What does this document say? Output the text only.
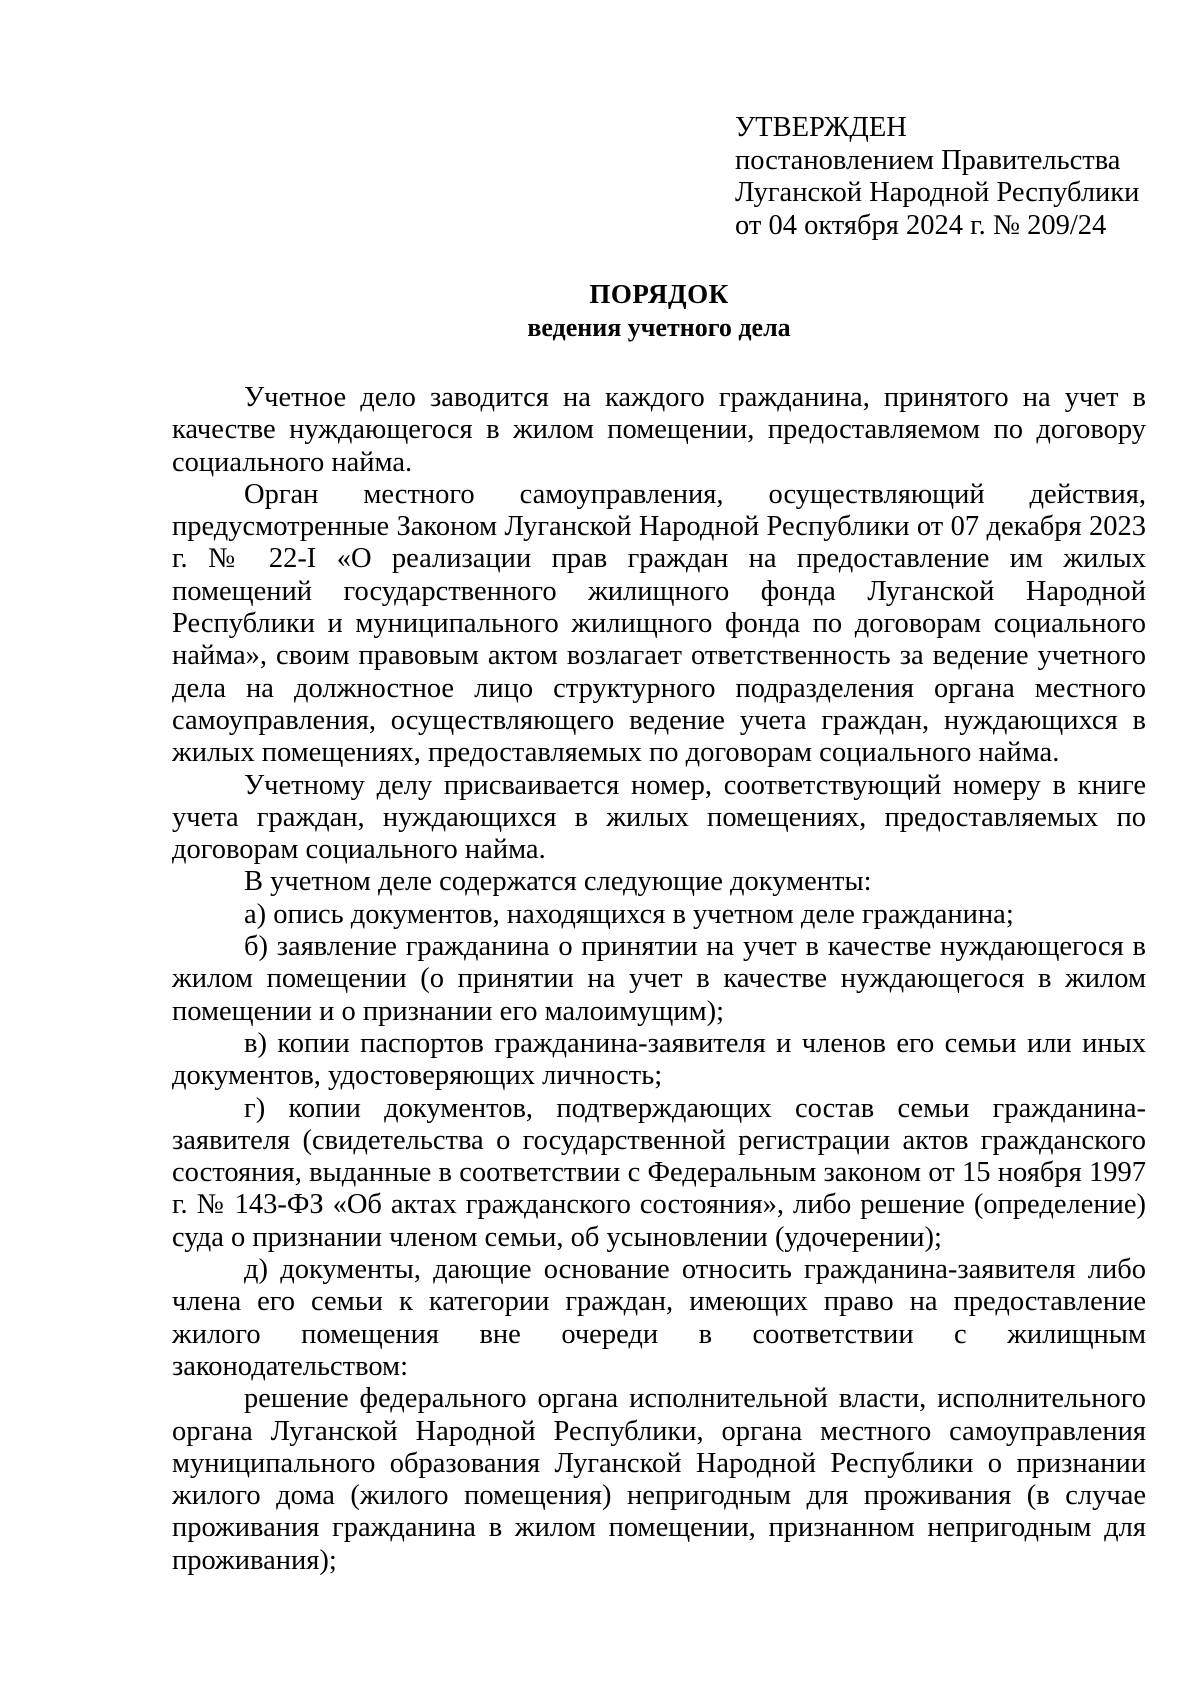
УТВЕРЖДЕН
постановлением Правительства
Луганской Народной Республики
от 04 октября 2024 г. № 209/24
ПОРЯДОК
ведения учетного дела

Учетное дело заводится на каждого гражданина, принятого на учет в качестве нуждающегося в жилом помещении, предоставляемом по договору социального найма.

Орган местного самоуправления, осуществляющий действия, предусмотренные Законом Луганской Народной Республики от 07 декабря 2023 г. № 22-I «О реализации прав граждан на предоставление им жилых помещений государственного жилищного фонда Луганской Народной Республики и муниципального жилищного фонда по договорам социального найма», своим правовым актом возлагает ответственность за ведение учетного дела на должностное лицо структурного подразделения органа местного самоуправления, осуществляющего ведение учета граждан, нуждающихся в жилых помещениях, предоставляемых по договорам социального найма.

Учетному делу присваивается номер, соответствующий номеру в книге учета граждан, нуждающихся в жилых помещениях, предоставляемых по договорам социального найма.

В учетном деле содержатся следующие документы:

а) опись документов, находящихся в учетном деле гражданина;

б) заявление гражданина о принятии на учет в качестве нуждающегося в жилом помещении (о принятии на учет в качестве нуждающегося в жилом помещении и о признании его малоимущим);

в) копии паспортов гражданина-заявителя и членов его семьи или иных документов, удостоверяющих личность;

г) копии документов, подтверждающих состав семьи гражданина-заявителя (свидетельства о государственной регистрации актов гражданского состояния, выданные в соответствии с Федеральным законом от 15 ноября 1997 г. № 143-ФЗ «Об актах гражданского состояния», либо решение (определение) суда о признании членом семьи, об усыновлении (удочерении);

д) документы, дающие основание относить гражданина-заявителя либо члена его семьи к категории граждан, имеющих право на предоставление жилого помещения вне очереди в соответствии с жилищным законодательством:

решение федерального органа исполнительной власти, исполнительного органа Луганской Народной Республики, органа местного самоуправления муниципального образования Луганской Народной Республики о признании жилого дома (жилого помещения) непригодным для проживания (в случае проживания гражданина в жилом помещении, признанном непригодным для проживания);
